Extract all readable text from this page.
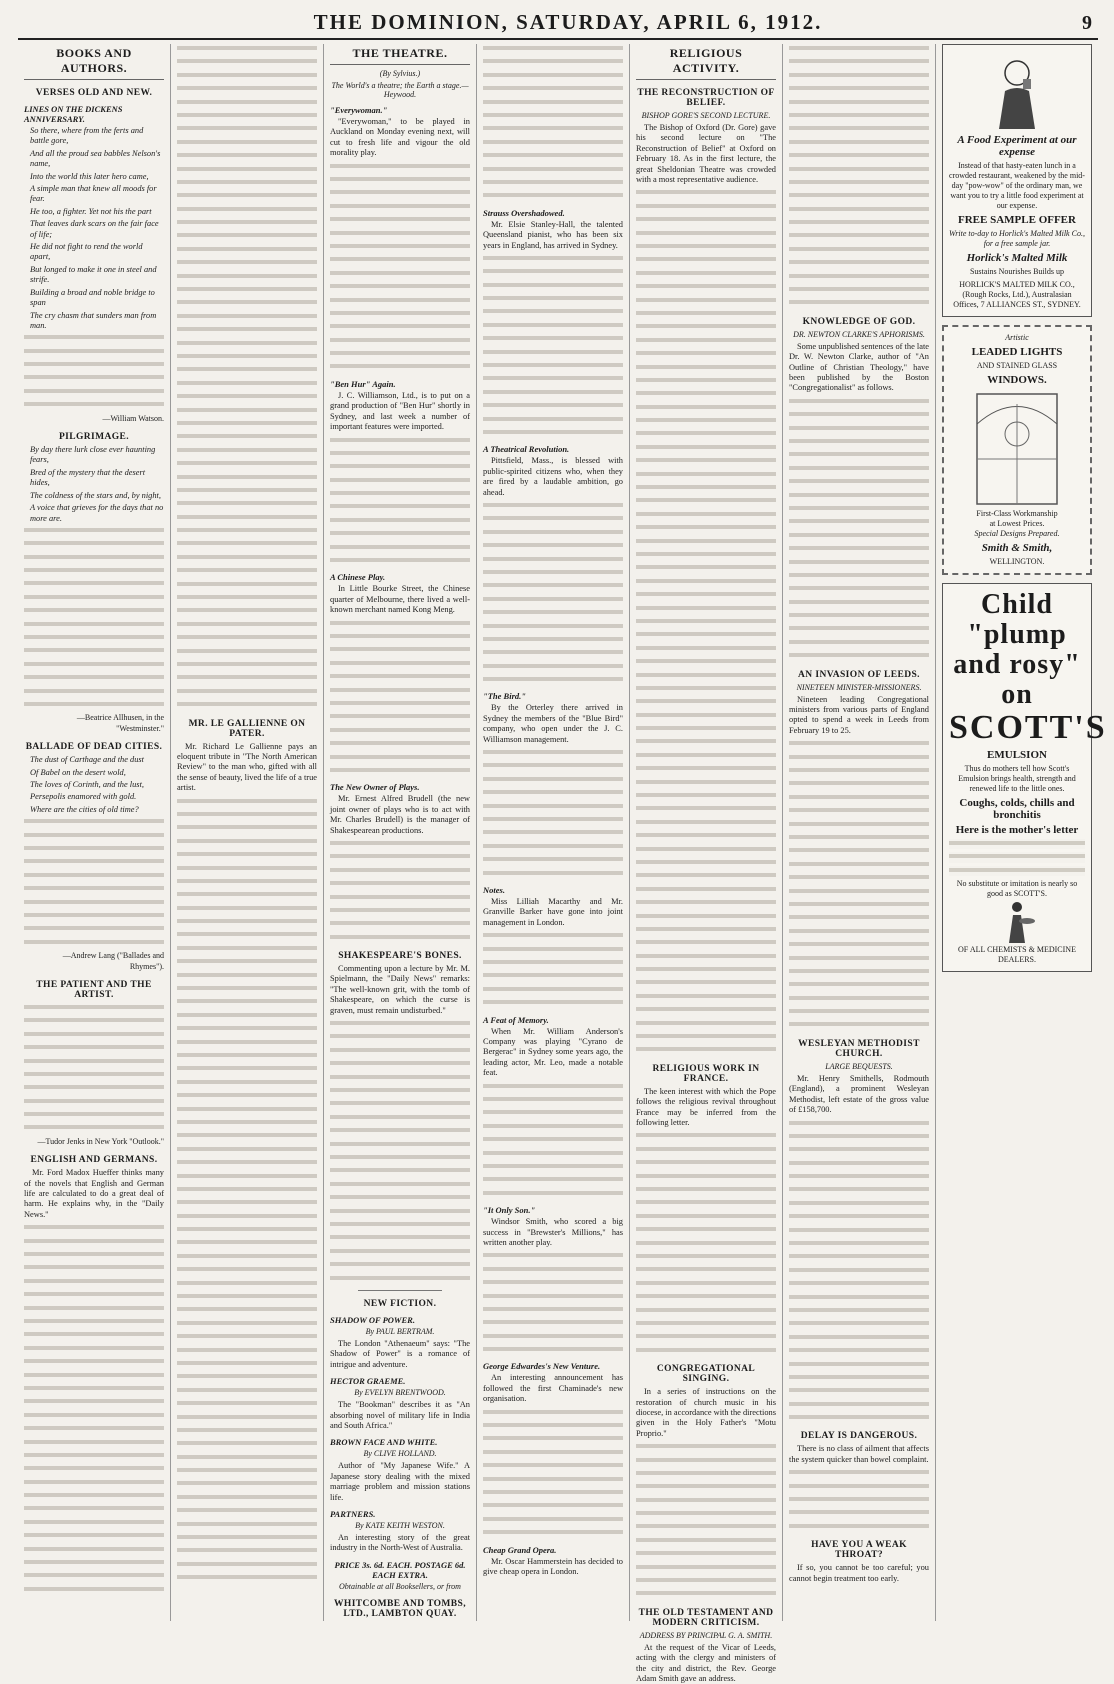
THE DOMINION, SATURDAY, APRIL 6, 1912.	9
BOOKS AND AUTHORS.
VERSES OLD AND NEW.
LINES ON THE DICKENS ANNIVERSARY.

So there, where from the ferts and battle gore,

And all the proud sea babbles Nelson's name,

Into the world this later hero came,

A simple man that knew all moods for fear.

He too, a fighter. Yet not his the part

That leaves dark scars on the fair face of life;

He did not fight to rend the world apart,

But longed to make it one in steel and strife.

Building a broad and noble bridge to span

The cry chasm that sunders man from man.

—William Watson.

PILGRIMAGE.

By day there lurk close ever haunting fears,

Bred of the mystery that the desert hides,

The coldness of the stars and, by night,

A voice that grieves for the days that no more are.

—Beatrice Allhusen, in the "Westminster."

BALLADE OF DEAD CITIES.

The dust of Carthage and the dust

Of Babel on the desert wold,

The loves of Corinth, and the lust,

Persepolis enamored with gold.

Where are the cities of old time?

—Andrew Lang ("Ballades and Rhymes").

THE PATIENT AND THE ARTIST.

—Tudor Jenks in New York "Outlook."

ENGLISH AND GERMANS.

Mr. Ford Madox Hueffer thinks many of the novels that English and German life are calculated to do a great deal of harm. He explains why, in the "Daily News."

MR. LE GALLIENNE ON PATER.

Mr. Richard Le Gallienne pays an eloquent tribute in "The North American Review" to the man who, gifted with all the sense of beauty, lived the life of a true artist.

THE THEATRE.
(By Sylvius.)
The World's a theatre; the Earth a stage.—Heywood.
"Everywoman."

"Everywoman," to be played in Auckland on Monday evening next, will cut to fresh life and vigour the old morality play.

"Ben Hur" Again.

J. C. Williamson, Ltd., is to put on a grand production of "Ben Hur" shortly in Sydney, and last week a number of important features were imported.

A Chinese Play.

In Little Bourke Street, the Chinese quarter of Melbourne, there lived a well-known merchant named Kong Meng.

The New Owner of Plays.

Mr. Ernest Alfred Brudell (the new joint owner of plays who is to act with Mr. Charles Brudell) is the manager of Shakespearean productions.

SHAKESPEARE'S BONES.

Commenting upon a lecture by Mr. M. Spielmann, the "Daily News" remarks: "The well-known grit, with the tomb of Shakespeare, on which the curse is graven, must remain undisturbed."

NEW FICTION.
SHADOW OF POWER.
By PAUL BERTRAM.

The London "Athenaeum" says: "The Shadow of Power" is a romance of intrigue and adventure.

HECTOR GRAEME.
By EVELYN BRENTWOOD.

The "Bookman" describes it as "An absorbing novel of military life in India and South Africa."

BROWN FACE AND WHITE.
By CLIVE HOLLAND.

Author of "My Japanese Wife." A Japanese story dealing with the mixed marriage problem and mission stations life.

PARTNERS.
By KATE KEITH WESTON.

An interesting story of the great industry in the North-West of Australia.

PRICE 3s. 6d. EACH. POSTAGE 6d. EACH EXTRA.
Obtainable at all Booksellers, or from
WHITCOMBE AND TOMBS, LTD., LAMBTON QUAY.
Strauss Overshadowed.

Mr. Elsie Stanley-Hall, the talented Queensland pianist, who has been six years in England, has arrived in Sydney.

A Theatrical Revolution.

Pittsfield, Mass., is blessed with public-spirited citizens who, when they are fired by a laudable ambition, go ahead.

"The Bird."

By the Orterley there arrived in Sydney the members of the "Blue Bird" company, who open under the J. C. Williamson management.

Notes.

Miss Lilliah Macarthy and Mr. Granville Barker have gone into joint management in London.

A Feat of Memory.

When Mr. William Anderson's Company was playing "Cyrano de Bergerac" in Sydney some years ago, the leading actor, Mr. Leo, made a notable feat.

"It Only Son."

Windsor Smith, who scored a big success in "Brewster's Millions," has written another play.

George Edwardes's New Venture.

An interesting announcement has followed the first Chaminade's new organisation.

Cheap Grand Opera.

Mr. Oscar Hammerstein has decided to give cheap opera in London.

RELIGIOUS ACTIVITY.
THE RECONSTRUCTION OF BELIEF.
BISHOP GORE'S SECOND LECTURE.

The Bishop of Oxford (Dr. Gore) gave his second lecture on "The Reconstruction of Belief" at Oxford on February 18. As in the first lecture, the great Sheldonian Theatre was crowded with a most representative audience.

RELIGIOUS WORK IN FRANCE.

The keen interest with which the Pope follows the religious revival throughout France may be inferred from the following letter.

CONGREGATIONAL SINGING.

In a series of instructions on the restoration of church music in his diocese, in accordance with the directions given in the Holy Father's "Motu Proprio."

THE OLD TESTAMENT AND MODERN CRITICISM.
ADDRESS BY PRINCIPAL G. A. SMITH.

At the request of the Vicar of Leeds, acting with the clergy and ministers of the city and district, the Rev. George Adam Smith gave an address.

KNOWLEDGE OF GOD.
DR. NEWTON CLARKE'S APHORISMS.

Some unpublished sentences of the late Dr. W. Newton Clarke, author of "An Outline of Christian Theology," have been published by the Boston "Congregationalist" as follows.

AN INVASION OF LEEDS.
NINETEEN MINISTER-MISSIONERS.

Nineteen leading Congregational ministers from various parts of England opted to spend a week in Leeds from February 19 to 25.

WESLEYAN METHODIST CHURCH.
LARGE BEQUESTS.

Mr. Henry Smithells, Rodmouth (England), a prominent Wesleyan Methodist, left estate of the gross value of £158,700.

DELAY IS DANGEROUS.

There is no class of ailment that affects the system quicker than bowel complaint.

HAVE YOU A WEAK THROAT?

If so, you cannot be too careful; you cannot begin treatment too early.

A Food Experiment at our expense
Instead of that hasty-eaten lunch in a crowded restaurant, weakened by the mid-day "pow-wow" of the ordinary man, we want you to try a little food experiment at our expense.
FREE SAMPLE OFFER
Write to-day to Horlick's Malted Milk Co., for a free sample jar.
Horlick's Malted Milk
Sustains Nourishes Builds up
HORLICK'S MALTED MILK CO., (Rough Rocks, Ltd.), Australasian Offices, 7 ALLIANCES ST., SYDNEY.
Artistic
LEADED LIGHTS
AND STAINED GLASS
WINDOWS.
First-Class Workmanship
at Lowest Prices.
Special Designs Prepared.
Smith & Smith,
WELLINGTON.
Child "plump and rosy" on
SCOTT'S
EMULSION
Thus do mothers tell how Scott's Emulsion brings health, strength and renewed life to the little ones.
Coughs, colds, chills and bronchitis
Here is the mother's letter
No substitute or imitation is nearly so good as SCOTT'S.
OF ALL CHEMISTS & MEDICINE DEALERS.
